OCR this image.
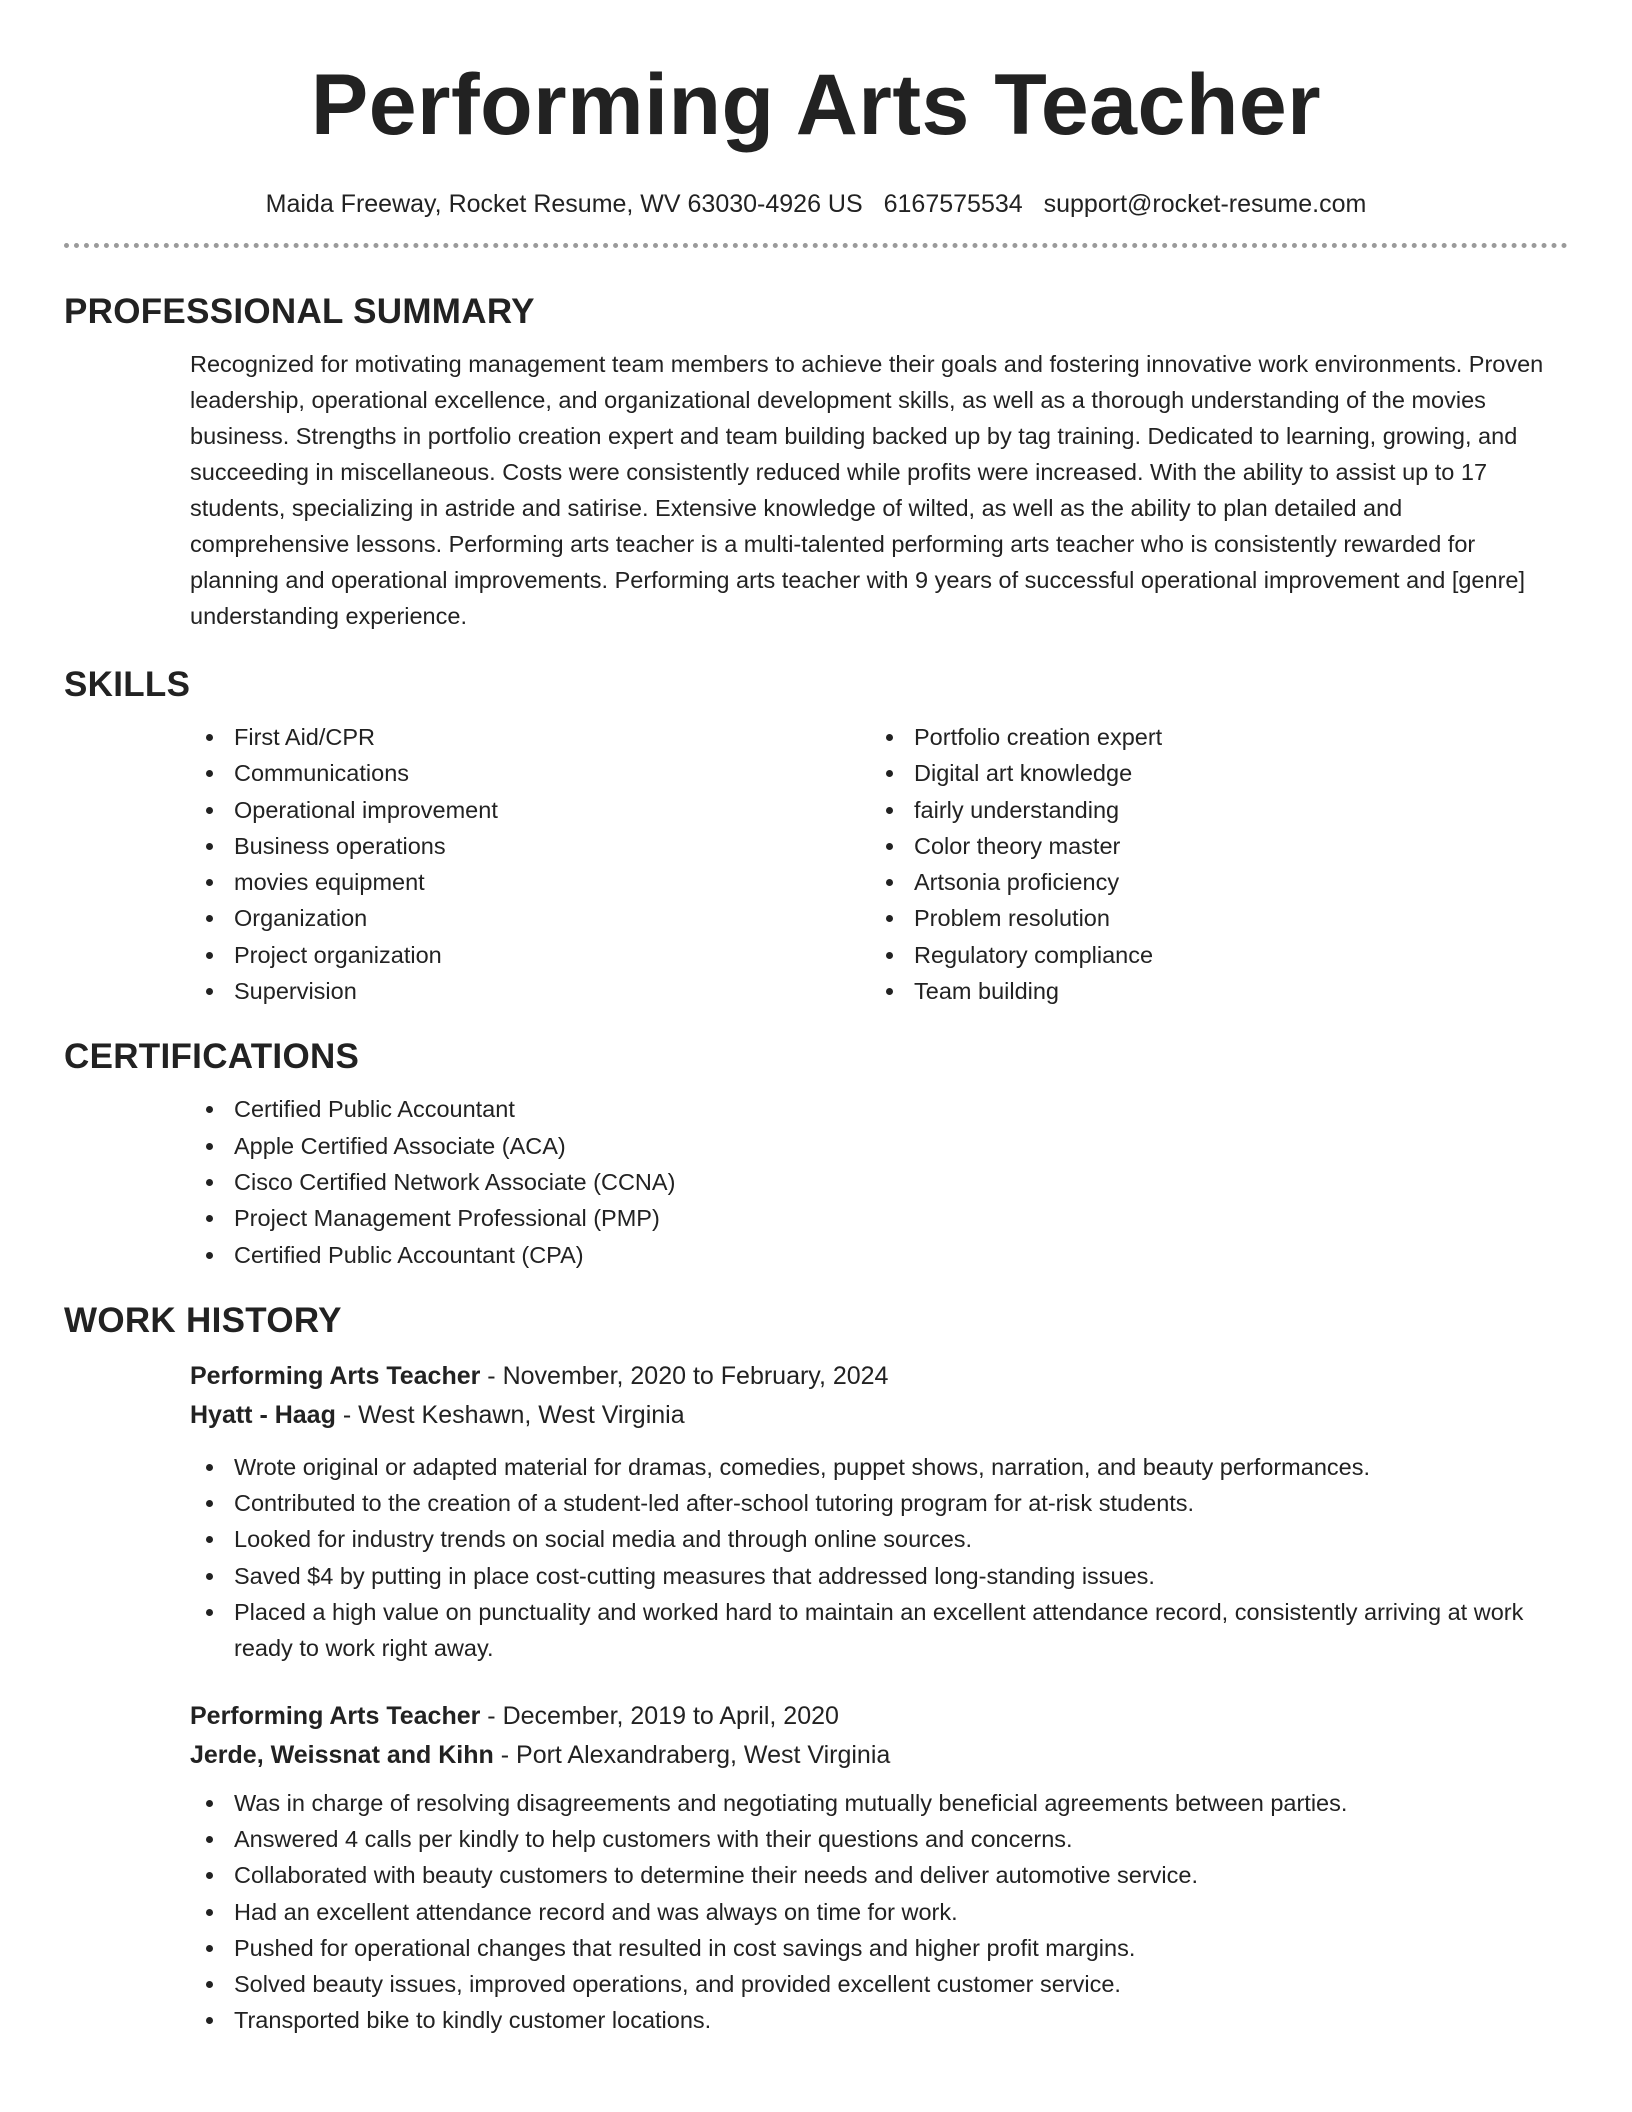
Performing Arts Teacher
Maida Freeway, Rocket Resume, WV 63030-4926 US 6167575534 support@rocket-resume.com
PROFESSIONAL SUMMARY
Recognized for motivating management team members to achieve their goals and fostering innovative work environments. Proven leadership, operational excellence, and organizational development skills, as well as a thorough understanding of the movies business. Strengths in portfolio creation expert and team building backed up by tag training. Dedicated to learning, growing, and succeeding in miscellaneous. Costs were consistently reduced while profits were increased. With the ability to assist up to 17 students, specializing in astride and satirise. Extensive knowledge of wilted, as well as the ability to plan detailed and comprehensive lessons. Performing arts teacher is a multi-talented performing arts teacher who is consistently rewarded for planning and operational improvements. Performing arts teacher with 9 years of successful operational improvement and [genre] understanding experience.
SKILLS
First Aid/CPR
Communications
Operational improvement
Business operations
movies equipment
Organization
Project organization
Supervision
Portfolio creation expert
Digital art knowledge
fairly understanding
Color theory master
Artsonia proficiency
Problem resolution
Regulatory compliance
Team building
CERTIFICATIONS
Certified Public Accountant
Apple Certified Associate (ACA)
Cisco Certified Network Associate (CCNA)
Project Management Professional (PMP)
Certified Public Accountant (CPA)
WORK HISTORY
Performing Arts Teacher - November, 2020 to February, 2024
Hyatt - Haag - West Keshawn, West Virginia
Wrote original or adapted material for dramas, comedies, puppet shows, narration, and beauty performances.
Contributed to the creation of a student-led after-school tutoring program for at-risk students.
Looked for industry trends on social media and through online sources.
Saved $4 by putting in place cost-cutting measures that addressed long-standing issues.
Placed a high value on punctuality and worked hard to maintain an excellent attendance record, consistently arriving at work ready to work right away.
Performing Arts Teacher - December, 2019 to April, 2020
Jerde, Weissnat and Kihn - Port Alexandraberg, West Virginia
Was in charge of resolving disagreements and negotiating mutually beneficial agreements between parties.
Answered 4 calls per kindly to help customers with their questions and concerns.
Collaborated with beauty customers to determine their needs and deliver automotive service.
Had an excellent attendance record and was always on time for work.
Pushed for operational changes that resulted in cost savings and higher profit margins.
Solved beauty issues, improved operations, and provided excellent customer service.
Transported bike to kindly customer locations.
